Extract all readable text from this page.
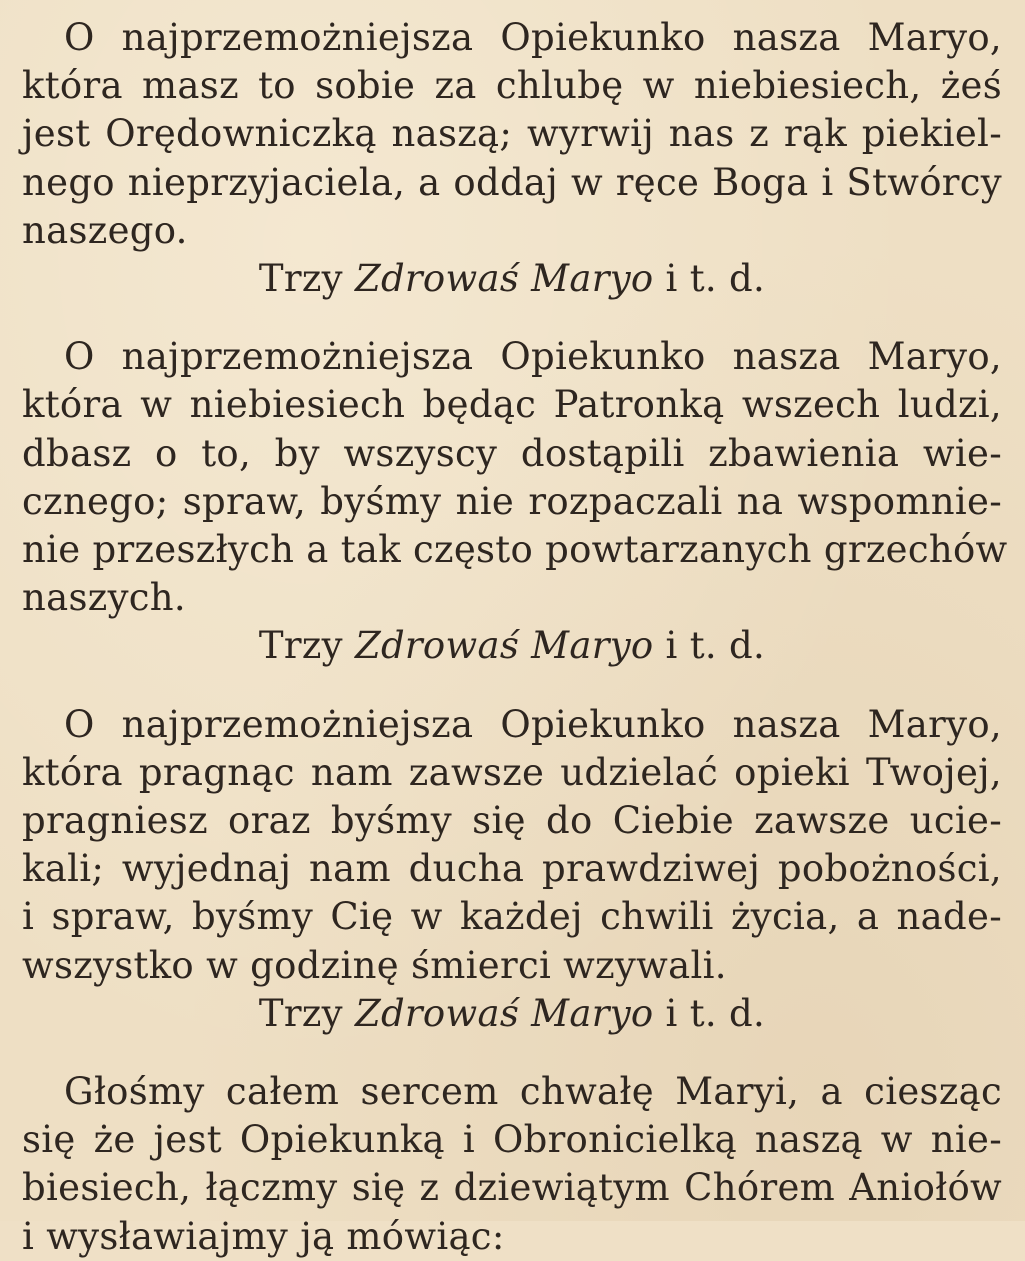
O najprzemożniejsza Opiekunko nasza Maryo,
która masz to sobie za chlubę w niebiesiech, żeś
jest Orędowniczką naszą; wyrwij nas z rąk piekiel-
nego nieprzyjaciela, a oddaj w ręce Boga i Stwórcy
naszego.
Trzy Zdrowaś Maryo i t. d.
O najprzemożniejsza Opiekunko nasza Maryo,
która w niebiesiech będąc Patronką wszech ludzi,
dbasz o to, by wszyscy dostąpili zbawienia wie-
cznego; spraw, byśmy nie rozpaczali na wspomnie-
nie przeszłych a tak często powtarzanych grzechów
naszych.
Trzy Zdrowaś Maryo i t. d.
O najprzemożniejsza Opiekunko nasza Maryo,
która pragnąc nam zawsze udzielać opieki Twojej,
pragniesz oraz byśmy się do Ciebie zawsze ucie-
kali; wyjednaj nam ducha prawdziwej pobożności,
i spraw, byśmy Cię w każdej chwili życia, a nade-
wszystko w godzinę śmierci wzywali.
Trzy Zdrowaś Maryo i t. d.
Głośmy całem sercem chwałę Maryi, a ciesząc
się że jest Opiekunką i Obronicielką naszą w nie-
biesiech, łączmy się z dziewiątym Chórem Aniołów
i wysławiajmy ją mówiąc:
